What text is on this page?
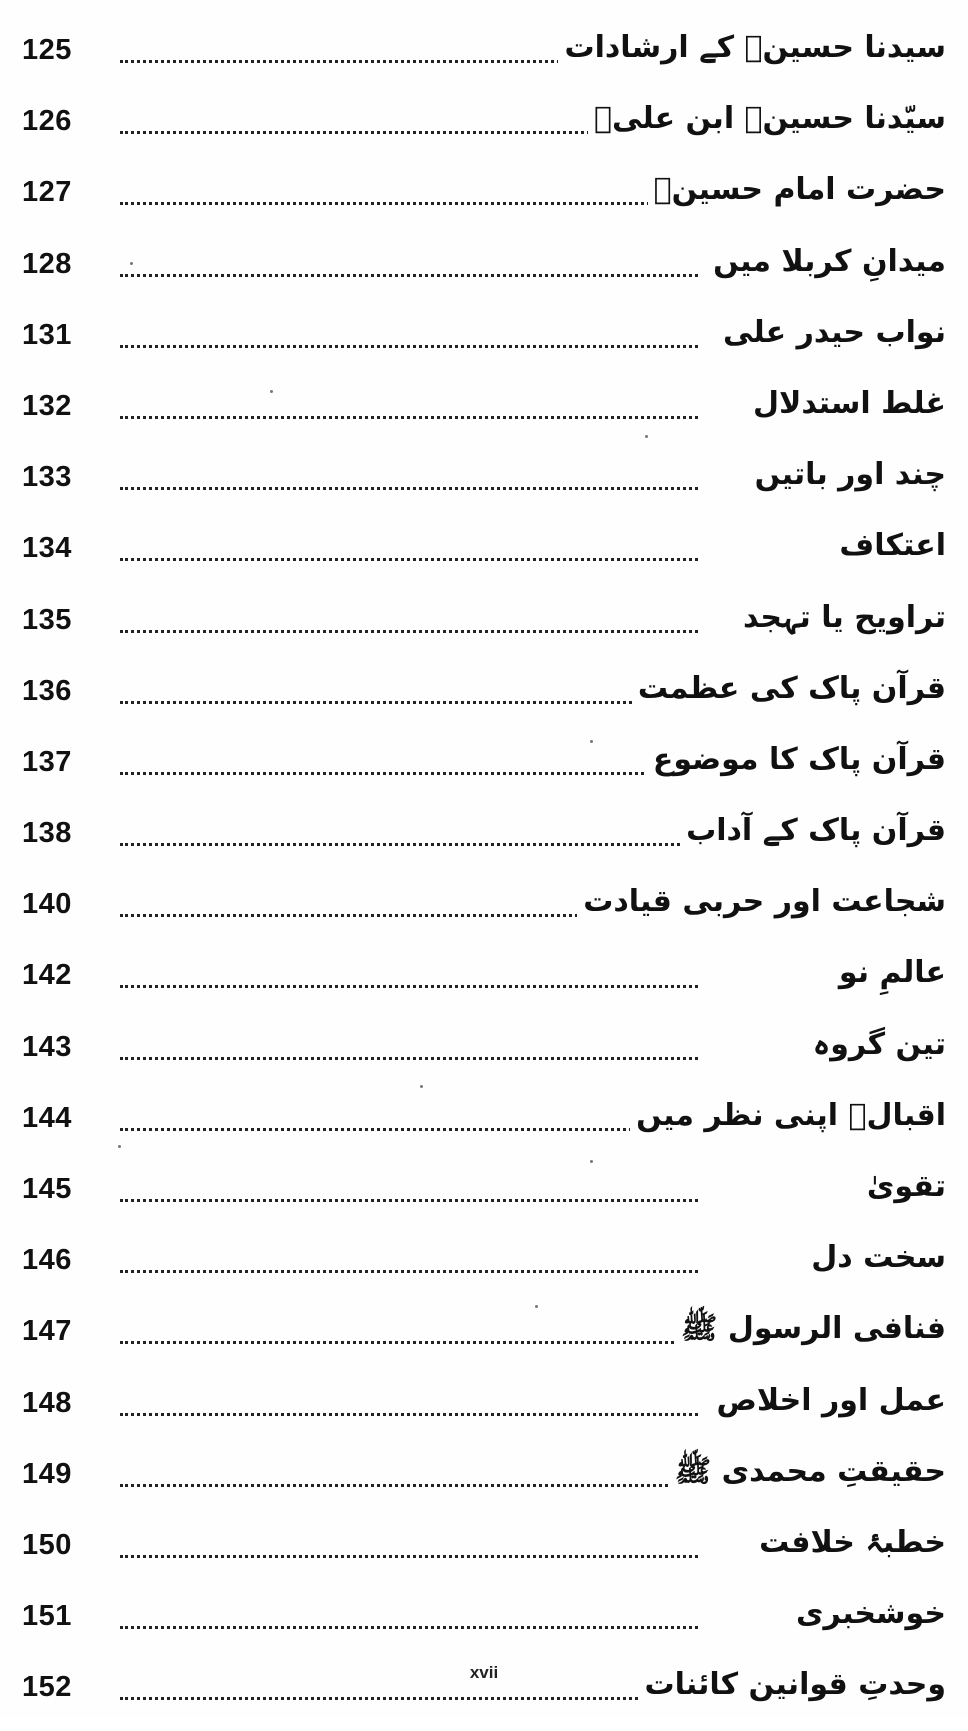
125	سیدنا حسینؓ کے ارشادات
126	سیّدنا حسینؓ ابن علیؓ
127	حضرت امام حسینؓ
128	میدانِ کربلا میں
131	نواب حیدر علی
132	غلط استدلال
133	چند اور باتیں
134	اعتکاف
135	تراویح یا تہجد
136	قرآن پاک کی عظمت
137	قرآن پاک کا موضوع
138	قرآن پاک کے آداب
140	شجاعت اور حربی قیادت
142	عالمِ نو
143	تین گروہ
144	اقبالؒ اپنی نظر میں
145	تقویٰ
146	سخت دل
147	فنافی الرسول ﷺ
148	عمل اور اخلاص
149	حقیقتِ محمدی ﷺ
150	خطبۂ خلافت
151	خوشخبری
152	وحدتِ قوانین کائنات
xvii
